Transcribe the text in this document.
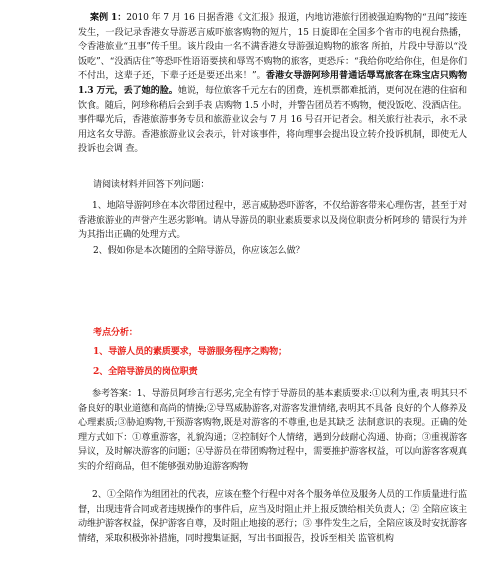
案例 1：2010 年 7 月 16 日据香港《文汇报》报道，内地访港旅行团被强迫购物的“丑闻”接连发生，一段记录香港女导游恶言威吓旅客购物的短片，15 日旋即在全国多个省市的电视台热播，令香港旅业“丑事”传千里。该片段由一名不满香港女导游强迫购物的旅客 所拍，片段中导游以“没饭吃”、“没酒店住”等恐吓性语语要挟和辱骂不购物的旅客，更恐斥：“我给你吃给你住，但是你们不付出，这辈子还，下辈子还是要还出来！”。香港女导游阿珍用普通话辱骂旅客在珠宝店只购物1.3 万元，丢了她的脸。她说，每位旅客千元左右的团费，连机票都难抵消，更何况在港的住宿和饮食。随后，阿珍称稍后会到手表 店购物 1.5 小时，并警告团员若不购物，便没饭吃、没酒店住。事件曝光后，香港旅游事务专员和旅游业议会与 7 月 16 号召开记者会。相关旅行社表示，永不录用这名女导游。香港旅游业议会表示，针对该事件，将向理事会提出设立转介投诉机制，即使无人投诉也会调 查。

请阅读材料并回答下列问题：

1、地陪导游阿珍在本次带团过程中，恶言威胁恐吓游客，不仅给游客带来心理伤害，甚至于对香港旅游业的声誉产生恶劣影响。请从导游员的职业素质要求以及岗位职责分析阿珍的 错误行为并为其指出正确的处理方式。

2、假如你是本次随团的全陪导游员，你应该怎么做？

考点分析：

1、导游人员的素质要求，导游服务程序之购物；

2、全陪导游员的岗位职责

参考答案：1、导游员阿珍言行恶劣,完全有悖于导游员的基本素质要求:①以利为重,表 明其只不备良好的职业道德和高尚的情操;②导骂威胁游客,对游客发泄情绪,表明其不具备 良好的个人修养及心理素质;③胁迫购物,干预游客购物,既是对游客的不尊重,也是其缺乏 法制意识的表现。正确的处理方式如下：①尊重游客，礼貌沟通；②控制好个人情绪，遇到分歧耐心沟通、协商；③重视游客异议，及时解决游客的问题；④导游员在带团购物过程中，需要推护游客权益，可以向游客客观真实的介绍商品，但不能够强劝胁迫游客购物

2、①全陪作为组团社的代表，应该在整个行程中对各个服务单位及服务人员的工作质量进行监督，出现违背合同或者违规操作的事件后，应当及时阻止并上报反馈给相关负责人；② 全陪应该主动维护游客权益，保护游客自尊，及时阻止地接的恶行；③ 事件发生之后，全陪应该及时安抚游客情绪，采取积极弥补措施，同时搜集证据，写出书面报告，投诉至相关 监管机构
